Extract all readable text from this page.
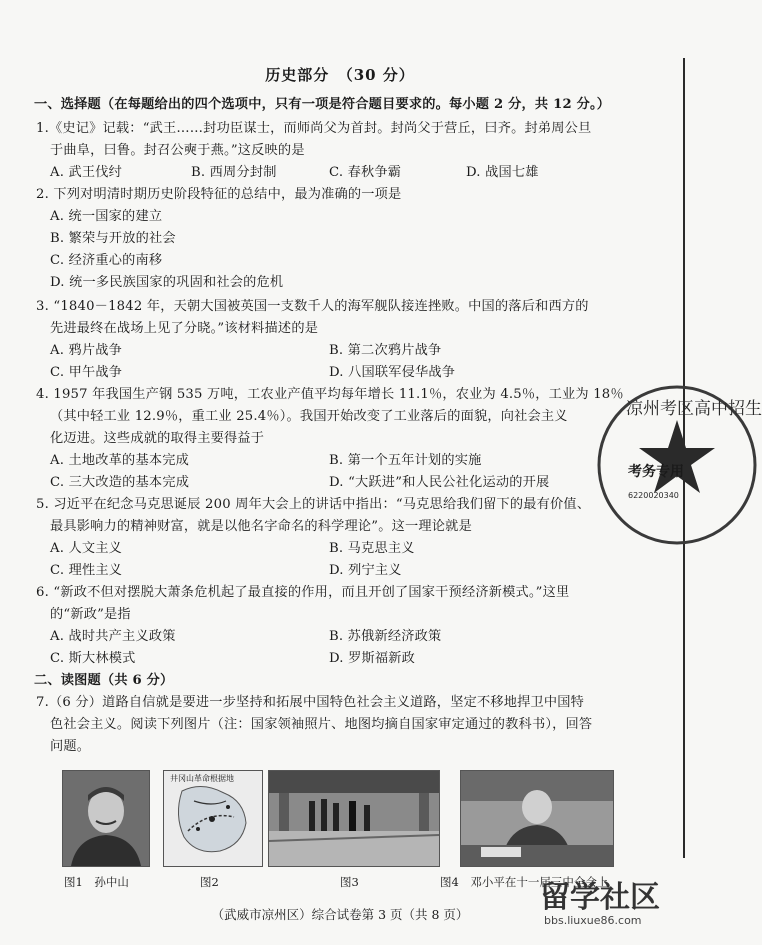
历史部分　（30 分）
一、选择题（在每题给出的四个选项中，只有一项是符合题目要求的。每小题 2 分，共 12 分。）
1.《史记》记载：“武王……封功臣谋士，而师尚父为首封。封尚父于营丘，曰齐。封弟周公旦
于曲阜，曰鲁。封召公奭于燕。”这反映的是
A. 武王伐纣	B. 西周分封制	C. 春秋争霸	D. 战国七雄
2. 下列对明清时期历史阶段特征的总结中，最为准确的一项是
A. 统一国家的建立
B. 繁荣与开放的社会
C. 经济重心的南移
D. 统一多民族国家的巩固和社会的危机
3. “1840－1842 年，天朝大国被英国一支数千人的海军舰队接连挫败。中国的落后和西方的
先进最终在战场上见了分晓。”该材料描述的是
A. 鸦片战争	B. 第二次鸦片战争
C. 甲午战争	D. 八国联军侵华战争
4. 1957 年我国生产钢 535 万吨，工农业产值平均每年增长 11.1％，农业为 4.5％，工业为 18％
（其中轻工业 12.9％，重工业 25.4％）。我国开始改变了工业落后的面貌，向社会主义
化迈进。这些成就的取得主要得益于
A. 土地改革的基本完成	B. 第一个五年计划的实施
C. 三大改造的基本完成	D. “大跃进”和人民公社化运动的开展
5. 习近平在纪念马克思诞辰 200 周年大会上的讲话中指出：“马克思给我们留下的最有价值、
最具影响力的精神财富，就是以他名字命名的科学理论”。这一理论就是
A. 人文主义	B. 马克思主义
C. 理性主义	D. 列宁主义
6. “新政不但对摆脱大萧条危机起了最直接的作用，而且开创了国家干预经济新模式。”这里
的“新政”是指
A. 战时共产主义政策	B. 苏俄新经济政策
C. 斯大林模式	D. 罗斯福新政
二、读图题（共 6 分）
7.（6 分）道路自信就是要进一步坚持和拓展中国特色社会主义道路，坚定不移地捍卫中国特
色社会主义。阅读下列图片（注：国家领袖照片、地图均摘自国家审定通过的教科书），回答
问题。
井冈山革命根据地
图1　孙中山	图2	图3	图4　邓小平在十一届三中全会上
（武威市凉州区）综合试卷第 3 页（共 8 页）
凉州考区高中招生
考务专用
6220020340
留学社区
bbs.liuxue86.com
